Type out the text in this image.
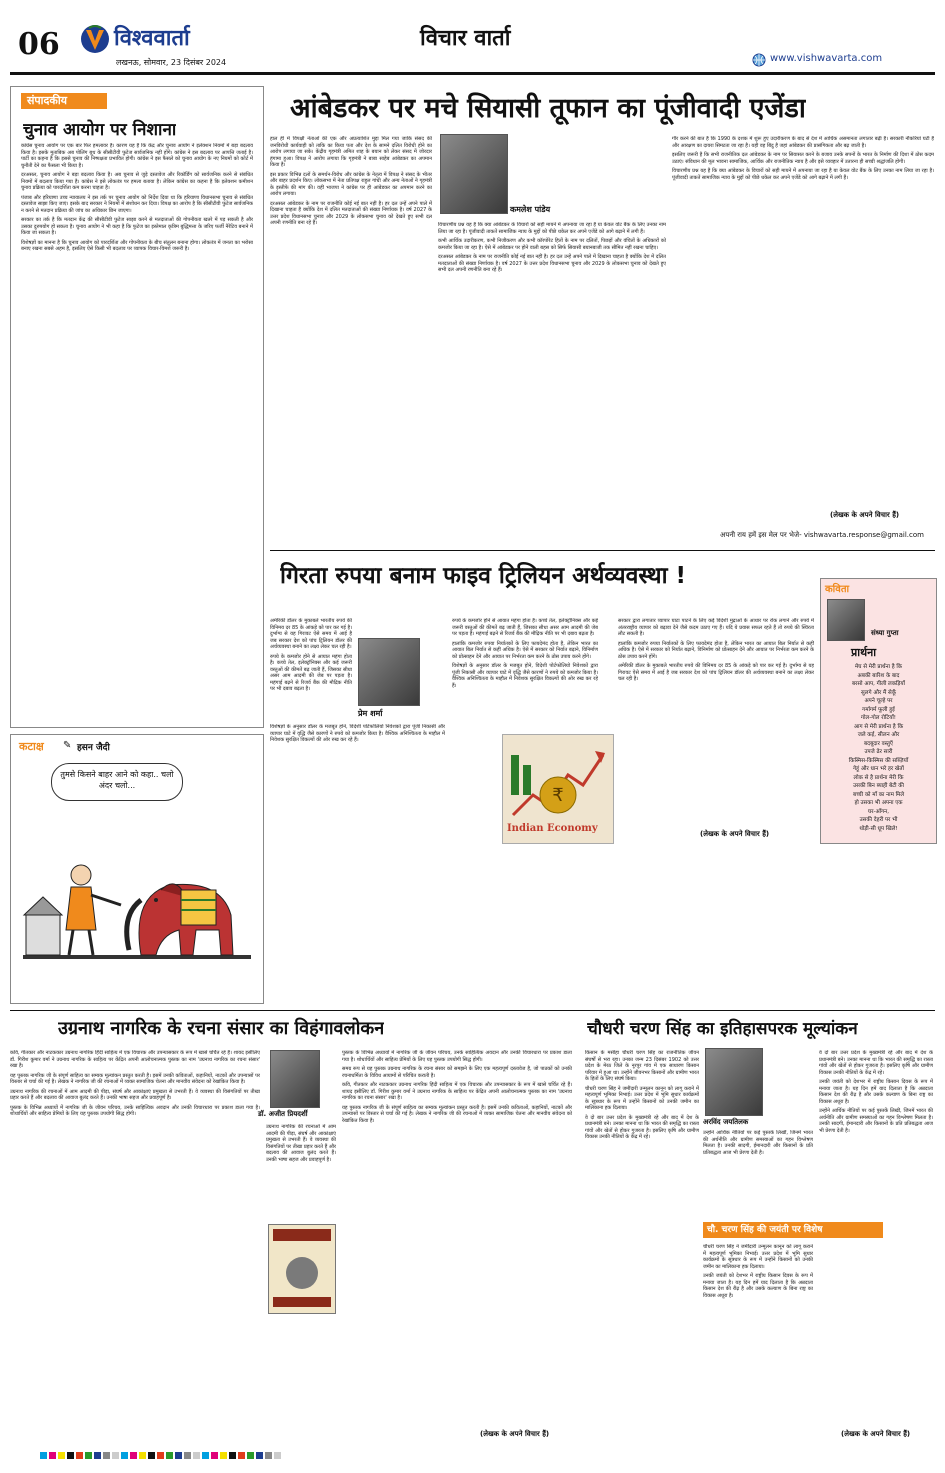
06 विश्ववार्ता
लखनऊ, सोमवार, 23 दिसंबर 2024
विचार वार्ता
www.vishwavarta.com
संपादकीय
चुनाव आयोग पर निशाना

कांग्रेस चुनाव आयोग पर एक बार फिर हमलावर है। कारण यह है कि केंद्र और चुनाव आयोग ने इलेक्शन नियमों में बड़ा बदलाव किया है। इसके मुताबिक अब पोलिंग बूथ के सीसीटीवी फुटेज सार्वजनिक नहीं होंगे। कांग्रेस ने इस बदलाव पर आपत्ति जताई है। पार्टी का कहना है कि इससे चुनाव की निष्पक्षता प्रभावित होगी। कांग्रेस ने इस फैसले को चुनाव आयोग के नए नियमों को कोर्ट में चुनौती देने का फैसला भी किया है।

दरअसल, चुनाव आयोग ने बड़ा बदलाव किया है। अब चुनाव से जुड़े दस्तावेज और रिकॉर्डिंग को सार्वजनिक करने से संबंधित नियमों में बदलाव किया गया है। कांग्रेस ने इसे लोकतंत्र पर हमला बताया है। लेकिन कांग्रेस का कहना है कि इलेक्शन कमीशन चुनाव प्रक्रिया को पारदर्शिता कम करना चाहता है।

पंजाब और हरियाणा उच्च न्यायालय ने इस तर्क पर चुनाव आयोग को निर्देश दिया था कि हरियाणा विधानसभा चुनाव से संबंधित दस्तावेज साझा किए जाएं। इसके बाद सरकार ने नियमों में संशोधन कर दिया। विपक्ष का आरोप है कि सीसीटीवी फुटेज सार्वजनिक न करने से मतदान प्रक्रिया की जांच का अधिकार छिन जाएगा।

सरकार का तर्क है कि मतदान केंद्र की सीसीटीवी फुटेज साझा करने से मतदाताओं की गोपनीयता खतरे में पड़ सकती है और उसका दुरुपयोग हो सकता है। चुनाव आयोग ने भी कहा है कि फुटेज का इस्तेमाल कृत्रिम बुद्धिमत्ता के जरिए फर्जी नैरेटिव बनाने में किया जा सकता है।

विशेषज्ञों का मानना है कि चुनाव आयोग को पारदर्शिता और गोपनीयता के बीच संतुलन बनाना होगा। लोकतंत्र में जनता का भरोसा बनाए रखना सबसे अहम है, इसलिए ऐसे किसी भी बदलाव पर व्यापक विचार-विमर्श जरूरी है।

कटाक्ष ✎ हसन जैदी
तुमसे किसने बाहर आने को कहा.. चलो अंदर चलो...
आंबेडकर पर मचे सियासी तूफान का पूंजीवादी एजेंडा
कमलेश पांडेय

हाल ही में विपक्षी नेताओं की एक और अप्रत्याशित मुद्दा मिल गया जाकि संसद की जनविरोधी कार्यवाही को ताकि का किया पता और देश के सामने दलित विरोधी होने का आरोप लगाया जा सके। केंद्रीय गृहमंत्री अमित शाह के बयान को लेकर संसद में जोरदार हंगामा हुआ। विपक्ष ने आरोप लगाया कि गृहमंत्री ने बाबा साहेब आंबेडकर का अपमान किया है।

इस प्रकार विभिन्न दलों के समर्थन-विरोध और कांग्रेस के नेतृत्व में विपक्ष ने संसद के भीतर और बाहर प्रदर्शन किए। लोकसभा में नेता प्रतिपक्ष राहुल गांधी और अन्य नेताओं ने गृहमंत्री के इस्तीफे की मांग की। वहीं भाजपा ने कांग्रेस पर ही आंबेडकर का अपमान करने का आरोप लगाया।

दरअसल आंबेडकर के नाम पर राजनीति कोई नई बात नहीं है। हर दल उन्हें अपने पाले में दिखाना चाहता है क्योंकि देश में दलित मतदाताओं की संख्या निर्णायक है। वर्ष 2027 के उत्तर प्रदेश विधानसभा चुनाव और 2029 के लोकसभा चुनाव को देखते हुए सभी दल अपनी रणनीति बना रहे हैं।	विचारणीय प्रश्न यह है कि क्या आंबेडकर के विचारों को सही मायने में अपनाया जा रहा है या केवल वोट बैंक के लिए उनका नाम लिया जा रहा है। पूंजीवादी ताकतें सामाजिक न्याय के मुद्दों को पीछे धकेल कर अपने एजेंडे को आगे बढ़ाने में लगी हैं।

कभी आर्थिक उदारीकरण, कभी निजीकरण और कभी कॉरपोरेट हितों के नाम पर दलितों, पिछड़ों और वंचितों के अधिकारों को कमजोर किया जा रहा है। ऐसे में आंबेडकर पर होने वाली बहस को सिर्फ सियासी बयानबाजी तक सीमित नहीं रखना चाहिए।

दरअसल आंबेडकर के नाम पर राजनीति कोई नई बात नहीं है। हर दल उन्हें अपने पाले में दिखाना चाहता है क्योंकि देश में दलित मतदाताओं की संख्या निर्णायक है। वर्ष 2027 के उत्तर प्रदेश विधानसभा चुनाव और 2029 के लोकसभा चुनाव को देखते हुए सभी दल अपनी रणनीति बना रहे हैं।

गौर करने की बात है कि 1990 के दशक में शुरू हुए उदारीकरण के बाद से देश में आर्थिक असमानता लगातार बढ़ी है। सरकारी नौकरियां घटी हैं और आरक्षण का दायरा सिमटता जा रहा है। यही वह बिंदु है जहां आंबेडकर की प्रासंगिकता और बढ़ जाती है।

इसलिए जरूरी है कि सभी राजनीतिक दल आंबेडकर के नाम पर सियासत करने के बजाय उनके सपनों के भारत के निर्माण की दिशा में ठोस कदम उठाएं। संविधान की मूल भावना सामाजिक, आर्थिक और राजनीतिक न्याय है और इसे व्यवहार में उतारना ही सच्ची श्रद्धांजलि होगी।

विचारणीय प्रश्न यह है कि क्या आंबेडकर के विचारों को सही मायने में अपनाया जा रहा है या केवल वोट बैंक के लिए उनका नाम लिया जा रहा है। पूंजीवादी ताकतें सामाजिक न्याय के मुद्दों को पीछे धकेल कर अपने एजेंडे को आगे बढ़ाने में लगी हैं।

(लेखक के अपने विचार हैं)
अपनी राय हमें इस मेल पर भेजे- vishwavarta.response@gmail.com
गिरता रुपया बनाम फाइव ट्रिलियन अर्थव्यवस्था !
प्रेम शर्मा

अमेरिकी डॉलर के मुकाबले भारतीय रुपये की विनिमय दर 85 के आंकड़े को पार कर गई है। दुर्भाग्य से यह गिरावट ऐसे समय में आई है जब सरकार देश को पांच ट्रिलियन डॉलर की अर्थव्यवस्था बनाने का लक्ष्य लेकर चल रही है।

रुपये के कमजोर होने से आयात महंगा होता है। कच्चे तेल, इलेक्ट्रॉनिक्स और कई जरूरी वस्तुओं की कीमतें बढ़ जाती हैं, जिसका सीधा असर आम आदमी की जेब पर पड़ता है। महंगाई बढ़ने से रिजर्व बैंक की मौद्रिक नीति पर भी दबाव बढ़ता है।

विशेषज्ञों के अनुसार डॉलर के मजबूत होने, विदेशी पोर्टफोलियो निवेशकों द्वारा पूंजी निकासी और व्यापार घाटे में वृद्धि जैसे कारणों ने रुपये को कमजोर किया है। वैश्विक अनिश्चितता के माहौल में निवेशक सुरक्षित विकल्पों की ओर रुख कर रहे हैं।

रुपये के कमजोर होने से आयात महंगा होता है। कच्चे तेल, इलेक्ट्रॉनिक्स और कई जरूरी वस्तुओं की कीमतें बढ़ जाती हैं, जिसका सीधा असर आम आदमी की जेब पर पड़ता है। महंगाई बढ़ने से रिजर्व बैंक की मौद्रिक नीति पर भी दबाव बढ़ता है।

हालांकि कमजोर रुपया निर्यातकों के लिए फायदेमंद होता है, लेकिन भारत का आयात बिल निर्यात से कहीं अधिक है। ऐसे में सरकार को निर्यात बढ़ाने, विनिर्माण को प्रोत्साहन देने और आयात पर निर्भरता कम करने के ठोस उपाय करने होंगे।

विशेषज्ञों के अनुसार डॉलर के मजबूत होने, विदेशी पोर्टफोलियो निवेशकों द्वारा पूंजी निकासी और व्यापार घाटे में वृद्धि जैसे कारणों ने रुपये को कमजोर किया है। वैश्विक अनिश्चितता के माहौल में निवेशक सुरक्षित विकल्पों की ओर रुख कर रहे हैं।

₹
Indian Economy

सरकार द्वारा लगातार व्यापार घाटा पाटने के लिए कई विदेशी मुद्राओं के आधार पर रोक लगाने और रुपये में अंतरराष्ट्रीय व्यापार को बढ़ावा देने जैसे कदम उठाए गए हैं। यदि ये प्रयास सफल रहते हैं तो रुपये की स्थिरता लौट सकती है।

हालांकि कमजोर रुपया निर्यातकों के लिए फायदेमंद होता है, लेकिन भारत का आयात बिल निर्यात से कहीं अधिक है। ऐसे में सरकार को निर्यात बढ़ाने, विनिर्माण को प्रोत्साहन देने और आयात पर निर्भरता कम करने के ठोस उपाय करने होंगे।

अमेरिकी डॉलर के मुकाबले भारतीय रुपये की विनिमय दर 85 के आंकड़े को पार कर गई है। दुर्भाग्य से यह गिरावट ऐसे समय में आई है जब सरकार देश को पांच ट्रिलियन डॉलर की अर्थव्यवस्था बनाने का लक्ष्य लेकर चल रही है।

(लेखक के अपने विचार हैं)
कविता
संध्या गुप्ता
प्रार्थना
मेघ से मेरी प्रार्थना है कि
अबकी बारिश के बाद
बरसो आप, गीली लकड़ियाँ
सुलगे और मैं सेकूँ
अपने चूल्हे पर
गर्मागर्म फूली हुई
गोल-गोल रोटियाँ!
आग से मेरी प्रार्थना है कि
जले कई, सीलन और
बदबूदार वस्तुएँ
उपजे ढेर सारी
किस्मिस-किस्मिस की सब्ज़ियाँ
गेहूं और धान भरे हर खेतों
लोक से है प्रार्थना मेरी कि
उसकी बिन ब्याही बेटी की
बच्ची को माँ का नाम मिले
हो उसका भी अपना एक
घर-आँगन,
उसकी देहरी पर भी
थोड़ी-सी धूप खिले!
उग्रनाथ नागरिक के रचना संसार का विहंगावलोकन
डॉ. अजीत प्रियदर्शी

कवि, गीतकार और नाटककार उग्रनाथ नागरिक हिंदी साहित्य में एक विचारक और उपन्यासकार के रूप में खासे चर्चित रहे हैं। शायद इसीलिए डॉ. गिरीश कुमार वर्मा ने उग्रनाथ नागरिक के साहित्य पर केंद्रित अपनी आलोचनात्मक पुस्तक का नाम 'उग्रनाथ नागरिक का रचना संसार' रखा है।

यह पुस्तक नागरिक जी के संपूर्ण साहित्य का सम्यक मूल्यांकन प्रस्तुत करती है। इसमें उनकी कविताओं, कहानियों, नाटकों और उपन्यासों पर विस्तार से चर्चा की गई है। लेखक ने नागरिक जी की रचनाओं में व्यक्त सामाजिक चेतना और मानवीय संवेदना को रेखांकित किया है।

उग्रनाथ नागरिक की रचनाओं में आम आदमी की पीड़ा, संघर्ष और आकांक्षाएं प्रमुखता से उभरती हैं। वे व्यवस्था की विसंगतियों पर तीखा प्रहार करते हैं और बदलाव की आवाज बुलंद करते हैं। उनकी भाषा सहज और प्रवाहपूर्ण है।

पुस्तक के विभिन्न अध्यायों में नागरिक जी के जीवन परिचय, उनके साहित्यिक अवदान और उनकी विचारधारा पर प्रकाश डाला गया है। शोधार्थियों और साहित्य प्रेमियों के लिए यह पुस्तक उपयोगी सिद्ध होगी।

उग्रनाथ नागरिक की रचनाओं में आम आदमी की पीड़ा, संघर्ष और आकांक्षाएं प्रमुखता से उभरती हैं। वे व्यवस्था की विसंगतियों पर तीखा प्रहार करते हैं और बदलाव की आवाज बुलंद करते हैं। उनकी भाषा सहज और प्रवाहपूर्ण है।

पुस्तक के विभिन्न अध्यायों में नागरिक जी के जीवन परिचय, उनके साहित्यिक अवदान और उनकी विचारधारा पर प्रकाश डाला गया है। शोधार्थियों और साहित्य प्रेमियों के लिए यह पुस्तक उपयोगी सिद्ध होगी।

समग्र रूप से यह पुस्तक उग्रनाथ नागरिक के रचना संसार को समझने के लिए एक महत्वपूर्ण दस्तावेज है, जो पाठकों को उनकी रचनाधर्मिता के विविध आयामों से परिचित कराती है।

कवि, गीतकार और नाटककार उग्रनाथ नागरिक हिंदी साहित्य में एक विचारक और उपन्यासकार के रूप में खासे चर्चित रहे हैं। शायद इसीलिए डॉ. गिरीश कुमार वर्मा ने उग्रनाथ नागरिक के साहित्य पर केंद्रित अपनी आलोचनात्मक पुस्तक का नाम 'उग्रनाथ नागरिक का रचना संसार' रखा है।

यह पुस्तक नागरिक जी के संपूर्ण साहित्य का सम्यक मूल्यांकन प्रस्तुत करती है। इसमें उनकी कविताओं, कहानियों, नाटकों और उपन्यासों पर विस्तार से चर्चा की गई है। लेखक ने नागरिक जी की रचनाओं में व्यक्त सामाजिक चेतना और मानवीय संवेदना को रेखांकित किया है।

(लेखक के अपने विचार हैं)
चौधरी चरण सिंह का इतिहासपरक मूल्यांकन
अरविंद जयतिलक

किसान के मसीहा चौधरी चरण सिंह का राजनीतिक जीवन संघर्षों से भरा रहा। उनका जन्म 23 दिसंबर 1902 को उत्तर प्रदेश के मेरठ जिले के नूरपुर गांव में एक साधारण किसान परिवार में हुआ था। उन्होंने जीवनभर किसानों और ग्रामीण भारत के हितों के लिए संघर्ष किया।

चौधरी चरण सिंह ने जमींदारी उन्मूलन कानून को लागू कराने में महत्वपूर्ण भूमिका निभाई। उत्तर प्रदेश में भूमि सुधार कार्यक्रमों के सूत्रधार के रूप में उन्होंने किसानों को उनकी जमीन का मालिकाना हक दिलाया।

वे दो बार उत्तर प्रदेश के मुख्यमंत्री रहे और बाद में देश के प्रधानमंत्री बने। उनका मानना था कि भारत की समृद्धि का रास्ता गांवों और खेतों से होकर गुजरता है। इसलिए कृषि और ग्रामीण विकास उनकी नीतियों के केंद्र में रहे।

चौ. चरण सिंह की जयंती पर विशेष

उन्होंने आर्थिक नीतियों पर कई पुस्तकें लिखीं, जिनमें भारत की अर्थनीति और ग्रामीण समस्याओं का गहन विश्लेषण मिलता है। उनकी सादगी, ईमानदारी और किसानों के प्रति प्रतिबद्धता आज भी प्रेरणा देती है।

चौधरी चरण सिंह ने जमींदारी उन्मूलन कानून को लागू कराने में महत्वपूर्ण भूमिका निभाई। उत्तर प्रदेश में भूमि सुधार कार्यक्रमों के सूत्रधार के रूप में उन्होंने किसानों को उनकी जमीन का मालिकाना हक दिलाया।

उनकी जयंती को देशभर में राष्ट्रीय किसान दिवस के रूप में मनाया जाता है। यह दिन हमें याद दिलाता है कि अन्नदाता किसान देश की रीढ़ है और उसके कल्याण के बिना राष्ट्र का विकास अधूरा है।

वे दो बार उत्तर प्रदेश के मुख्यमंत्री रहे और बाद में देश के प्रधानमंत्री बने। उनका मानना था कि भारत की समृद्धि का रास्ता गांवों और खेतों से होकर गुजरता है। इसलिए कृषि और ग्रामीण विकास उनकी नीतियों के केंद्र में रहे।

उनकी जयंती को देशभर में राष्ट्रीय किसान दिवस के रूप में मनाया जाता है। यह दिन हमें याद दिलाता है कि अन्नदाता किसान देश की रीढ़ है और उसके कल्याण के बिना राष्ट्र का विकास अधूरा है।

उन्होंने आर्थिक नीतियों पर कई पुस्तकें लिखीं, जिनमें भारत की अर्थनीति और ग्रामीण समस्याओं का गहन विश्लेषण मिलता है। उनकी सादगी, ईमानदारी और किसानों के प्रति प्रतिबद्धता आज भी प्रेरणा देती है।

(लेखक के अपने विचार हैं)
